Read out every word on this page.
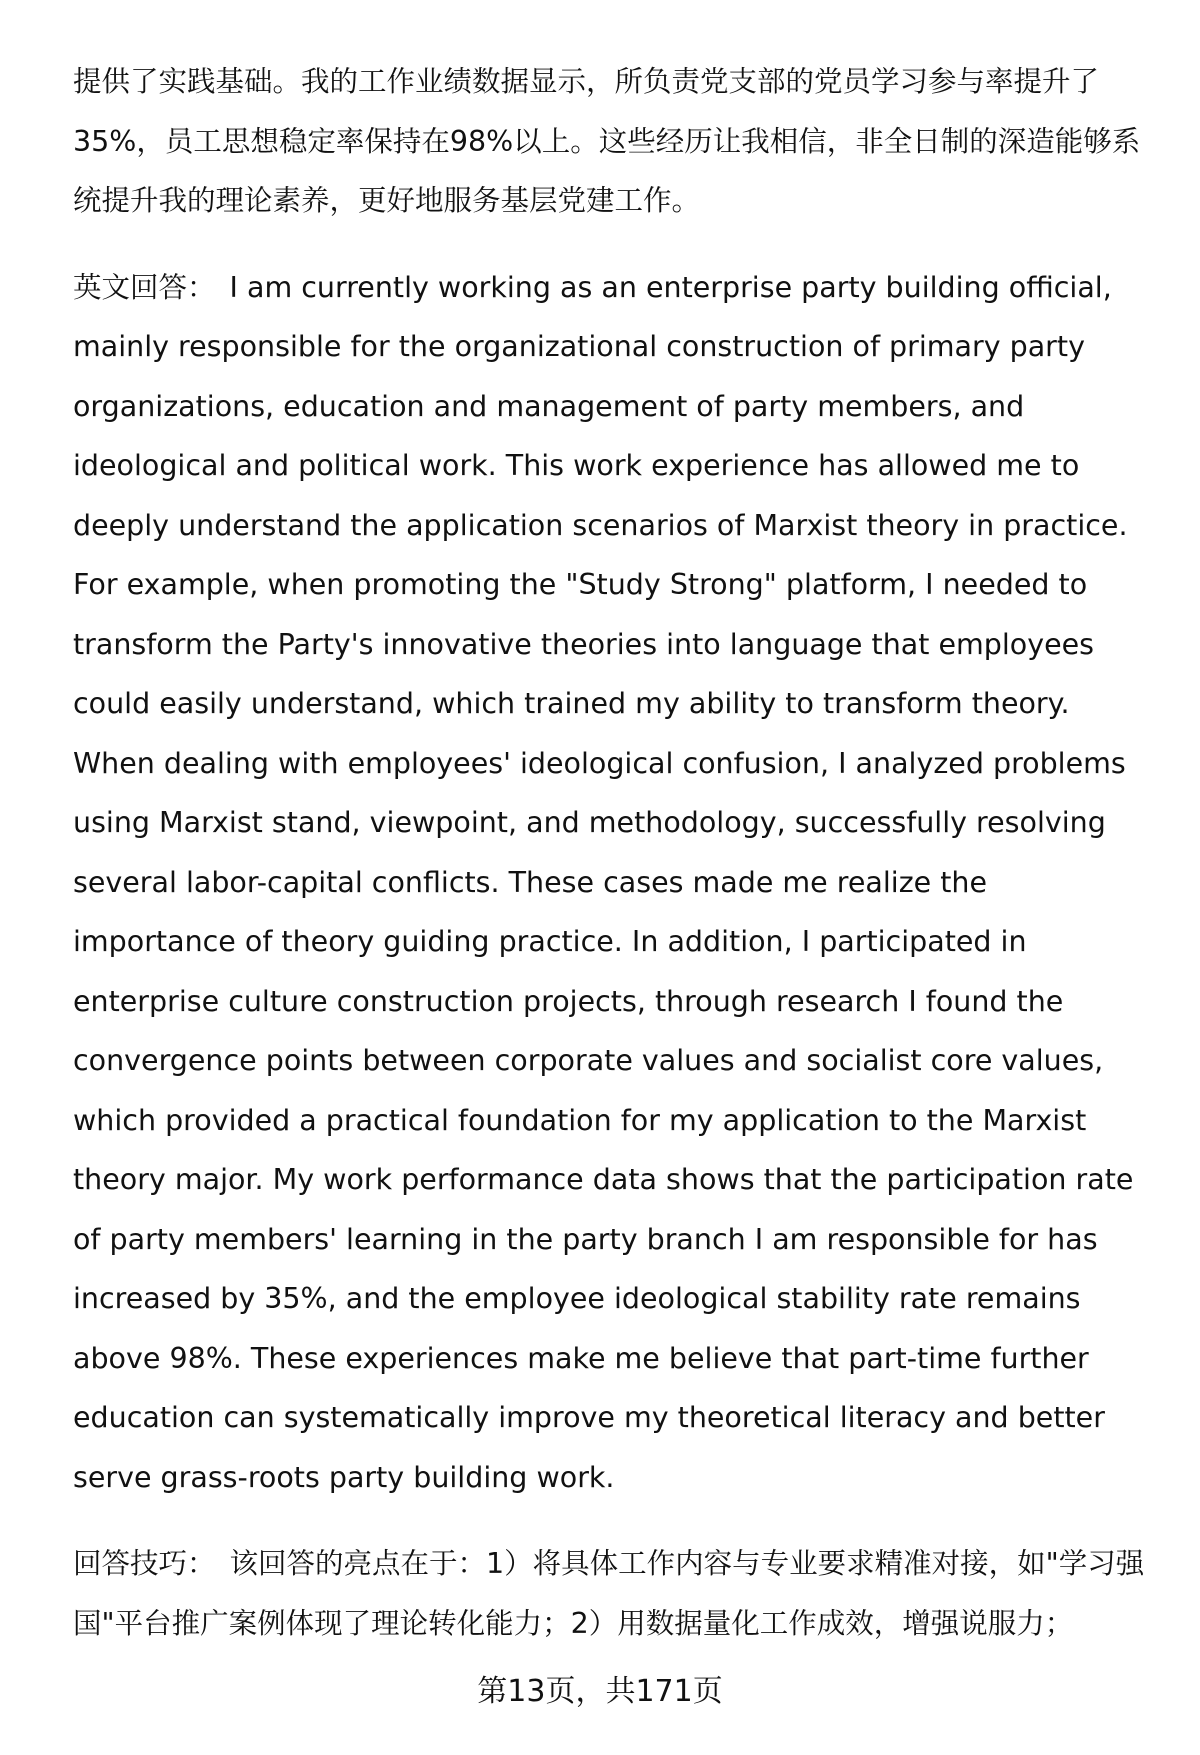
提供了实践基础。我的工作业绩数据显示，所负责党支部的党员学习参与率提升了35%，员工思想稳定率保持在98%以上。这些经历让我相信，非全日制的深造能够系统提升我的理论素养，更好地服务基层党建工作。

英文回答： I am currently working as an enterprise party building official, mainly responsible for the organizational construction of primary party organizations, education and management of party members, and ideological and political work. This work experience has allowed me to deeply understand the application scenarios of Marxist theory in practice. For example, when promoting the "Study Strong" platform, I needed to transform the Party's innovative theories into language that employees could easily understand, which trained my ability to transform theory. When dealing with employees' ideological confusion, I analyzed problems using Marxist stand, viewpoint, and methodology, successfully resolving several labor-capital conflicts. These cases made me realize the importance of theory guiding practice. In addition, I participated in enterprise culture construction projects, through research I found the convergence points between corporate values and socialist core values, which provided a practical foundation for my application to the Marxist theory major. My work performance data shows that the participation rate of party members' learning in the party branch I am responsible for has increased by 35%, and the employee ideological stability rate remains above 98%. These experiences make me believe that part-time further education can systematically improve my theoretical literacy and better serve grass-roots party building work.

回答技巧： 该回答的亮点在于：1）将具体工作内容与专业要求精准对接，如"学习强国"平台推广案例体现了理论转化能力；2）用数据量化工作成效，增强说服力；

第13页，共171页
